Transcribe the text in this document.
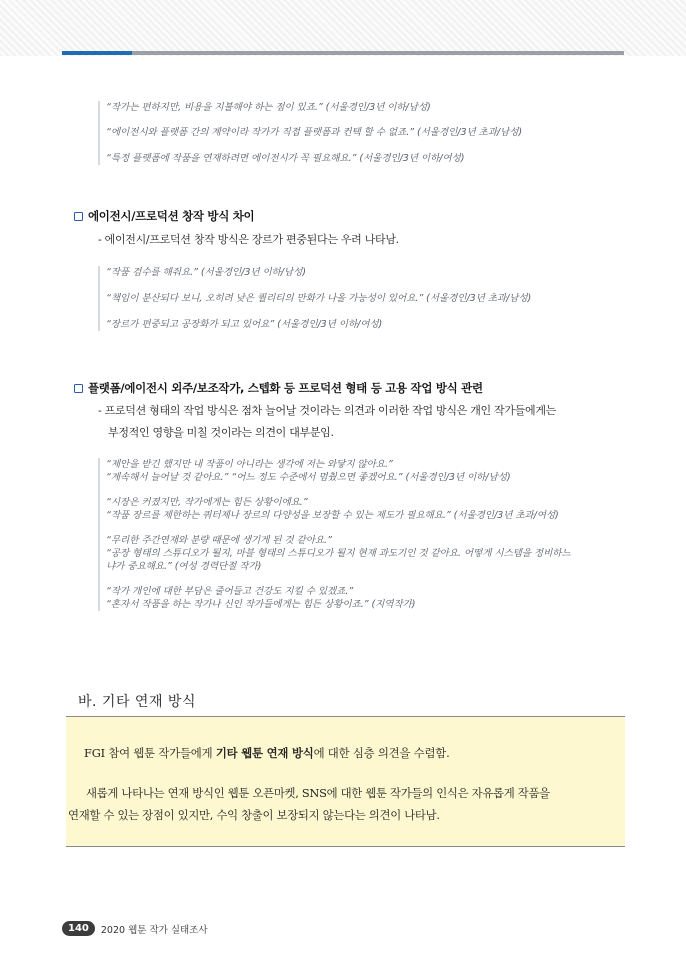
“작가는 편하지만, 비용을 지불해야 하는 점이 있죠.” (서울경인/3년 이하/남성)
“에이전시와 플랫폼 간의 계약이라 작가가 직접 플랫폼과 컨택 할 수 없죠.” (서울경인/3년 초과/남성)
“특정 플랫폼에 작품을 연재하려면 에이전시가 꼭 필요해요.” (서울경인/3년 이하/여성)
에이전시/프로덕션 창작 방식 차이
- 에이전시/프로덕션 창작 방식은 장르가 편중된다는 우려 나타남.
“작품 검수를 해줘요.” (서울경인/3년 이하/남성)
“책임이 분산되다 보니, 오히려 낮은 퀄리티의 만화가 나올 가능성이 있어요.” (서울경인/3년 초과/남성)
“장르가 편중되고 공장화가 되고 있어요” (서울경인/3년 이하/여성)
플랫폼/에이전시 외주/보조작가, 스텝화 등 프로덕션 형태 등 고용 작업 방식 관련
- 프로덕션 형태의 작업 방식은 점차 늘어날 것이라는 의견과 이러한 작업 방식은 개인 작가들에게는
부정적인 영향을 미칠 것이라는 의견이 대부분임.
“제안을 받긴 했지만 내 작품이 아니라는 생각에 저는 와닿지 않아요.”
“계속해서 늘어날 것 같아요.” “어느 정도 수준에서 멈췄으면 좋겠어요.” (서울경인/3년 이하/남성)
“시장은 커졌지만, 작가에게는 힘든 상황이에요.”
“작품 장르를 제한하는 쿼터제나 장르의 다양성을 보장할 수 있는 제도가 필요해요.” (서울경인/3년 초과/여성)
“무리한 주간연재와 분량 때문에 생기게 된 것 같아요.”
“공장 형태의 스튜디오가 될지, 마블 형태의 스튜디오가 될지 현재 과도기인 것 같아요. 어떻게 시스템을 정비하느
냐가 중요해요.” (여성 경력단절 작가)
“작가 개인에 대한 부담은 줄어들고 건강도 지킬 수 있겠죠.”
“혼자서 작품을 하는 작가나 신인 작가들에게는 힘든 상황이죠.” (지역작가)
바. 기타 연재 방식
FGI 참여 웹툰 작가들에게 기타 웹툰 연재 방식에 대한 심층 의견을 수렴함.
새롭게 나타나는 연재 방식인 웹툰 오픈마켓, SNS에 대한 웹툰 작가들의 인식은 자유롭게 작품을
연재할 수 있는 장점이 있지만, 수익 창출이 보장되지 않는다는 의견이 나타남.
140	2020 웹툰 작가 실태조사
